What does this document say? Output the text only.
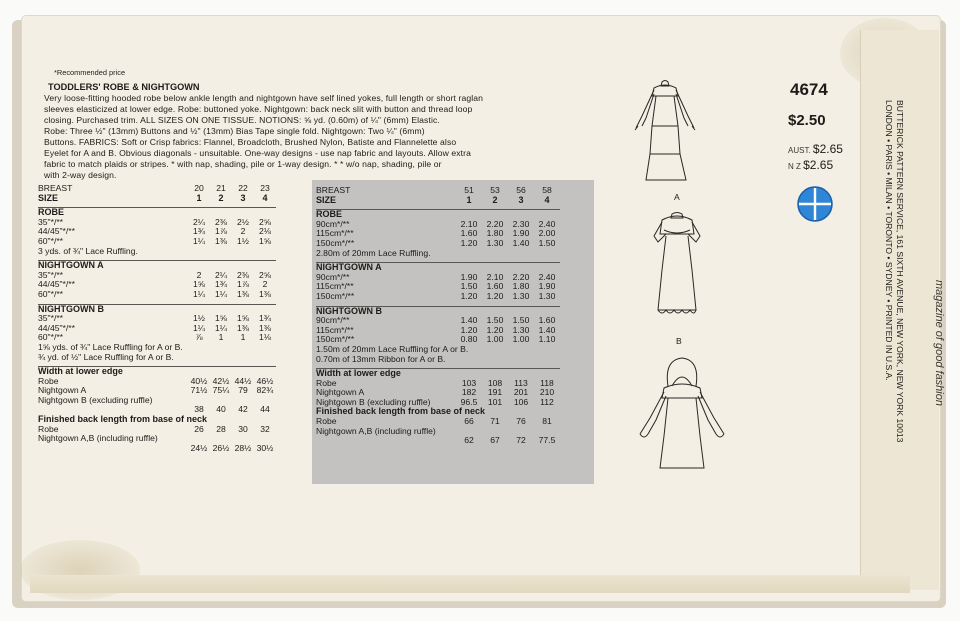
*Recommended price
TODDLERS' ROBE & NIGHTGOWN
Very loose-fitting hooded robe below ankle length and nightgown have self lined yokes, full length or short raglan
sleeves elasticized at lower edge. Robe: buttoned yoke. Nightgown: back neck slit with button and thread loop
closing. Purchased trim. ALL SIZES ON ONE TISSUE. NOTIONS: ⅝ yd. (0.60m) of ¼" (6mm) Elastic.
Robe: Three ½" (13mm) Buttons and ½" (13mm) Bias Tape single fold. Nightgown: Two ¼" (6mm)
Buttons. FABRICS: Soft or Crisp fabrics: Flannel, Broadcloth, Brushed Nylon, Batiste and Flannelette also
Eyelet for A and B. Obvious diagonals - unsuitable. One-way designs - use nap fabric and layouts. Allow extra
fabric to match plaids or stripes. * with nap, shading, pile or 1-way design. * * w/o nap, shading, pile or
with 2-way design.
BREAST	20	21	22	23
SIZE	1	2	3	4

ROBE				
35"*/**	2¼	2⅜	2½	2⅝
44/45"*/**	1¾	1⅞	2	2⅛
60"*/**	1¼	1⅜	1½	1⅝
3 yds. of ¾" Lace Ruffling.				

NIGHTGOWN A				
35"*/**	2	2¼	2⅜	2⅝
44/45"*/**	1⅝	1¾	1⅞	2
60"*/**	1¼	1¼	1⅜	1⅜

NIGHTGOWN B				
35"*/**	1½	1⅝	1⅝	1¾
44/45"*/**	1¼	1¼	1⅜	1⅜
60"*/**	⅞	1	1	1⅛
1⅝ yds. of ¾" Lace Ruffling for A or B.				
¾ yd. of ½" Lace Ruffling for A or B.				

Width at lower edge				
Robe	40½	42½	44½	46½
Nightgown A	71½	75¼	79	82¾
Nightgown B (excluding ruffle)				
	38	40	42	44
Finished back length from base of neck				
Robe	26	28	30	32
Nightgown A,B (including ruffle)				
	24½	26½	28½	30½
BREAST	51	53	56	58
SIZE	1	2	3	4

ROBE				
90cm*/**	2.10	2.20	2.30	2.40
115cm*/**	1.60	1.80	1.90	2.00
150cm*/**	1.20	1.30	1.40	1.50
2.80m of 20mm Lace Ruffling.				

NIGHTGOWN A				
90cm*/**	1.90	2.10	2.20	2.40
115cm*/**	1.50	1.60	1.80	1.90
150cm*/**	1.20	1.20	1.30	1.30

NIGHTGOWN B				
90cm*/**	1.40	1.50	1.50	1.60
115cm*/**	1.20	1.20	1.30	1.40
150cm*/**	0.80	1.00	1.00	1.10
1.50m of 20mm Lace Ruffling for A or B.				
0.70m of 13mm Ribbon for A or B.				

Width at lower edge				
Robe	103	108	113	118
Nightgown A	182	191	201	210
Nightgown B (excluding ruffle)	96.5	101	106	112
Finished back length from base of neck				
Robe	66	71	76	81
Nightgown A,B (including ruffle)				
	62	67	72	77.5
4674
$2.50
AUST. $2.65
N Z $2.65
A
B	BUTTERICK PATTERN SERVICE, 161 SIXTH AVENUE, NEW YORK, NEW YORK 10013
LONDON • PARIS • MILAN • TORONTO • SYDNEY • PRINTED IN U.S.A.	magazine of good fashion
